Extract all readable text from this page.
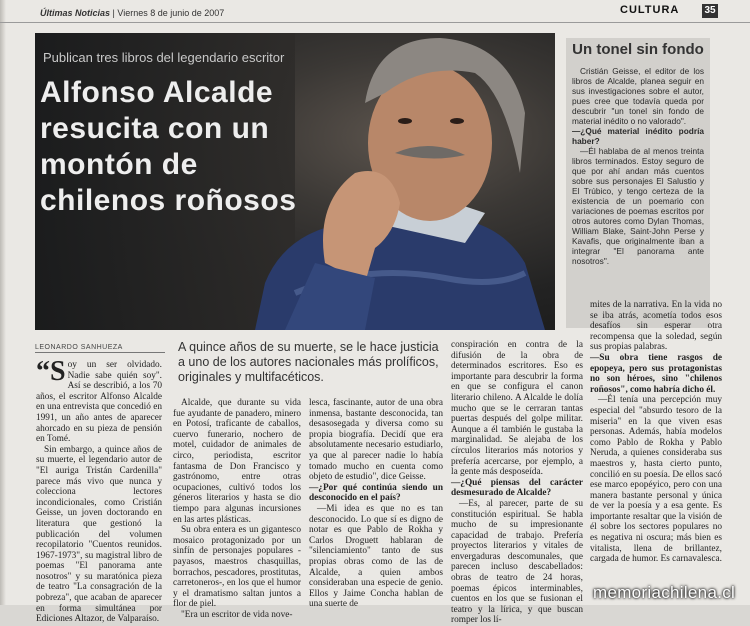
Últimas Noticias | Viernes 8 de junio de 2007	CULTURA	35
Publican tres libros del legendario escritor
Alfonso Alcalde resucita con un montón de chilenos roñosos
Un tonel sin fondo

Cristián Geisse, el editor de los libros de Alcalde, planea seguir en sus investigaciones sobre el autor, pues cree que todavía queda por descubrir "un tonel sin fondo de material inédito o no valorado".

—¿Qué material inédito podría haber?

—Él hablaba de al menos treinta libros terminados. Estoy seguro de que por ahí andan más cuentos sobre sus personajes El Salustio y El Trúbico, y tengo certeza de la existencia de un poemario con variaciones de poemas escritos por otros autores como Dylan Thomas, William Blake, Saint-John Perse y Kavafis, que originalmente iban a integrar "El panorama ante nosotros".

LEONARDO SANHUEZA	A quince años de su muerte, se le hace justicia a uno de los autores nacionales más prolíficos, originales y multifacéticos.

“S oy un ser olvidado. Nadie sabe quién soy". Así se describió, a los 70 años, el escritor Alfonso Alcalde en una entrevista que concedió en 1991, un año antes de aparecer ahorcado en su pieza de pensión en Tomé.

Sin embargo, a quince años de su muerte, el legendario autor de "El auriga Tristán Cardenilla" parece más vivo que nunca y colecciona lectores incondicionales, como Cristián Geisse, un joven doctorando en literatura que gestionó la publicación del volumen recopilatorio "Cuentos reunidos. 1967-1973", su magistral libro de poemas "El panorama ante nosotros" y su maratónica pieza de teatro "La consagración de la pobreza", que acaban de aparecer en forma simultánea por Ediciones Altazor, de Valparaíso.

Alcalde, que durante su vida fue ayudante de panadero, minero en Potosí, traficante de caballos, cuervo funerario, nochero de motel, cuidador de animales de circo, periodista, escritor fantasma de Don Francisco y gastrónomo, entre otras ocupaciones, cultivó todos los géneros literarios y hasta se dio tiempo para algunas incursiones en las artes plásticas.

Su obra entera es un gigantesco mosaico protagonizado por un sinfín de personajes populares -payasos, maestros chasquillas, borrachos, pescadores, prostitutas, carretoneros-, en los que el humor y el dramatismo saltan juntos a flor de piel.

"Era un escritor de vida nove-

lesca, fascinante, autor de una obra inmensa, bastante desconocida, tan desasosegada y diversa como su propia biografía. Decidí que era absolutamente necesario estudiarlo, ya que al parecer nadie lo había tomado mucho en cuenta como objeto de estudio", dice Geisse.

—¿Por qué continúa siendo un desconocido en el país?

—Mi idea es que no es tan desconocido. Lo que sí es digno de notar es que Pablo de Rokha y Carlos Droguett hablaran de "silenciamiento" tanto de sus propias obras como de las de Alcalde, a quien ambos consideraban una especie de genio. Ellos y Jaime Concha hablan de una suerte de

conspiración en contra de la difusión de la obra de determinados escritores. Eso es importante para descubrir la forma en que se configura el canon literario chileno. A Alcalde le dolía mucho que se le cerraran tantas puertas después del golpe militar. Aunque a él también le gustaba la marginalidad. Se alejaba de los círculos literarios más notorios y prefería acercarse, por ejemplo, a la gente más desposeída.

—¿Qué piensas del carácter desmesurado de Alcalde?

—Es, al parecer, parte de su constitución espiritual. Se habla mucho de su impresionante capacidad de trabajo. Prefería proyectos literarios y vitales de envergaduras descomunales, que parecen incluso descabellados: obras de teatro de 24 horas, poemas épicos interminables, cuentos en los que se fusionan el teatro y la lírica, y que buscan romper los lí-

mites de la narrativa. En la vida no se iba atrás, acometía todos esos desafíos sin esperar otra recompensa que la soledad, según sus propias palabras.

—Su obra tiene rasgos de epopeya, pero sus protagonistas no son héroes, sino "chilenos roñosos", como habría dicho él.

—Él tenía una percepción muy especial del "absurdo tesoro de la miseria" en la que viven esas personas. Además, había modelos como Pablo de Rokha y Pablo Neruda, a quienes consideraba sus maestros y, hasta cierto punto, concilió en su poesía. De ellos sacó ese marco epopéyico, pero con una manera bastante personal y única de ver la poesía y a esa gente. Es importante resaltar que la visión de él sobre los sectores populares no es negativa ni oscura; más bien es vitalista, llena de brillantez, cargada de humor. Es carnavalesca.

memoriachilena.cl
